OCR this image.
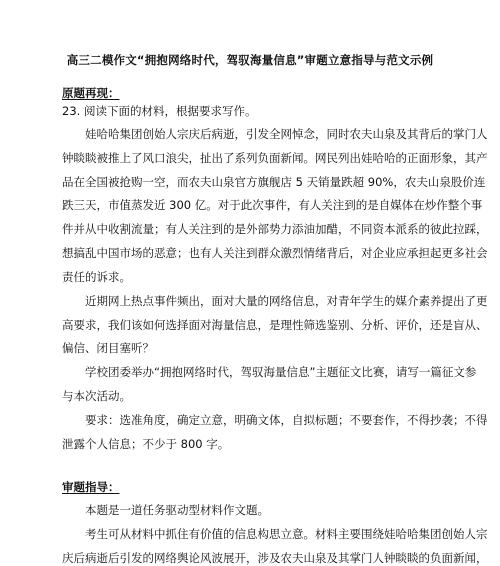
高三二模作文“拥抱网络时代，驾驭海量信息”审题立意指导与范文示例
原题再现：
23. 阅读下面的材料，根据要求写作。
娃哈哈集团创始人宗庆后病逝，引发全网悼念，同时农夫山泉及其背后的掌门人
钟睒睒被推上了风口浪尖，扯出了系列负面新闻。网民列出娃哈哈的正面形象，其产
品在全国被抢购一空，而农夫山泉官方旗舰店 5 天销量跌超 90%，农夫山泉股价连
跌三天，市值蒸发近 300 亿。对于此次事件，有人关注到的是自媒体在炒作整个事
件并从中收割流量；有人关注到的是外部势力添油加醋，不同资本派系的彼此拉踩，
想搞乱中国市场的恶意；也有人关注到群众激烈情绪背后，对企业应承担起更多社会
责任的诉求。
近期网上热点事件频出，面对大量的网络信息，对青年学生的媒介素养提出了更
高要求，我们该如何选择面对海量信息，是理性筛选鉴别、分析、评价，还是盲从、
偏信、闭目塞听？
学校团委举办“拥抱网络时代，驾驭海量信息”主题征文比赛，请写一篇征文参
与本次活动。
要求：选准角度，确定立意，明确文体，自拟标题；不要套作，不得抄袭；不得
泄露个人信息；不少于 800 字。
审题指导：
本题是一道任务驱动型材料作文题。
考生可从材料中抓住有价值的信息构思立意。材料主要围绕娃哈哈集团创始人宗
庆后病逝后引发的网络舆论风波展开，涉及农夫山泉及其掌门人钟睒睒的负面新闻，
